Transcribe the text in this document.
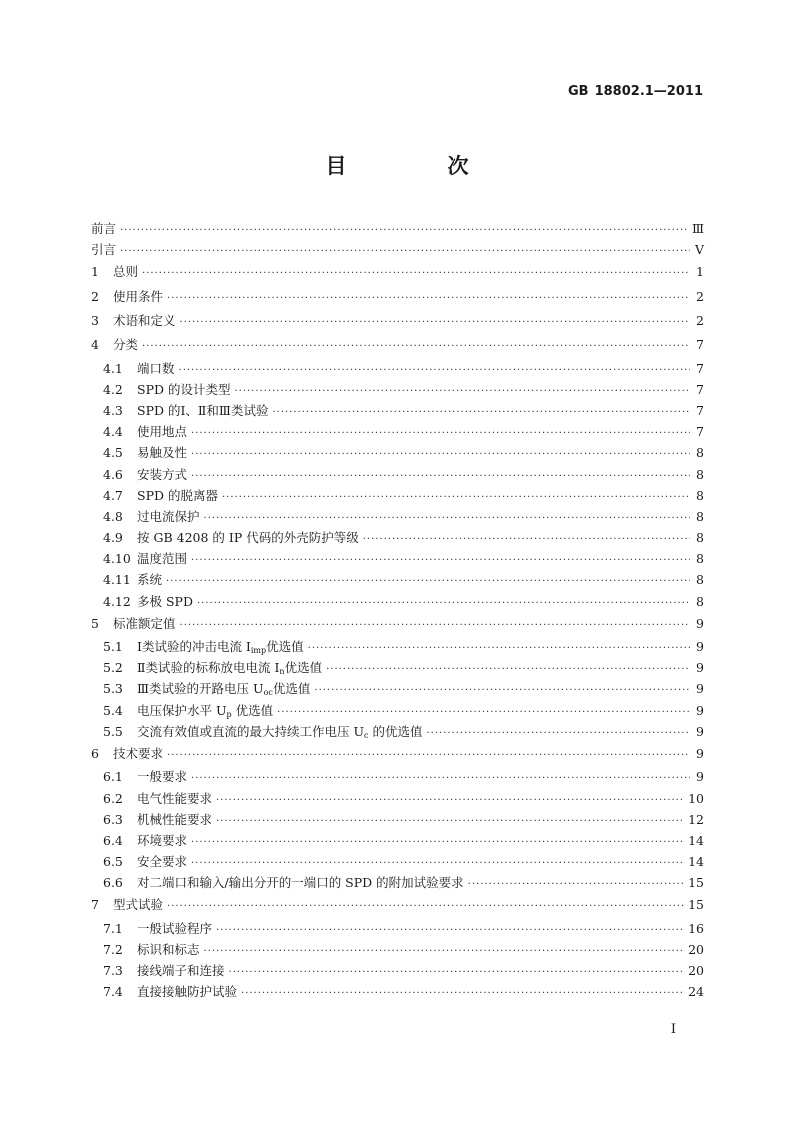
GB 18802.1—2011
目　次
前言 ·····	Ⅲ
引言 ·····	Ⅴ
1	总则 ·····	1
2	使用条件 ·····	2
3	术语和定义 ·····	2
4	分类 ·····	7
4.1	端口数 ·····	7
4.2	SPD 的设计类型 ·····	7
4.3	SPD 的Ⅰ、Ⅱ和Ⅲ类试验 ·····	7
4.4	使用地点 ·····	7
4.5	易触及性 ·····	8
4.6	安装方式 ·····	8
4.7	SPD 的脱离器 ·····	8
4.8	过电流保护 ·····	8
4.9	按 GB 4208 的 IP 代码的外壳防护等级 ·····	8
4.10 温度范围 ·····	8
4.11 系统 ·····	8
4.12 多极 SPD ·····	8
5	标准额定值 ·····	9
5.1	Ⅰ类试验的冲击电流 $I_{imp}$优选值 ·····	9
5.2	Ⅱ类试验的标称放电电流 $I_n$优选值 ·····	9
5.3	Ⅲ类试验的开路电压 $U_{oc}$优选值 ·····	9
5.4	电压保护水平 $U_p$ 优选值 ·····	9
5.5	交流有效值或直流的最大持续工作电压 $U_c$ 的优选值 ·····	9
6	技术要求 ·····	9
6.1	一般要求 ·····	9
6.2	电气性能要求 ·····	10
6.3	机械性能要求 ·····	12
6.4	环境要求 ·····	14
6.5	安全要求 ·····	14
6.6	对二端口和输入/输出分开的一端口的 SPD 的附加试验要求 ·····	15
7	型式试验 ·····	15
7.1	一般试验程序 ·····	16
7.2	标识和标志 ·····	20
7.3	接线端子和连接 ·····	20
7.4	直接接触防护试验 ·····	24
Ⅰ
